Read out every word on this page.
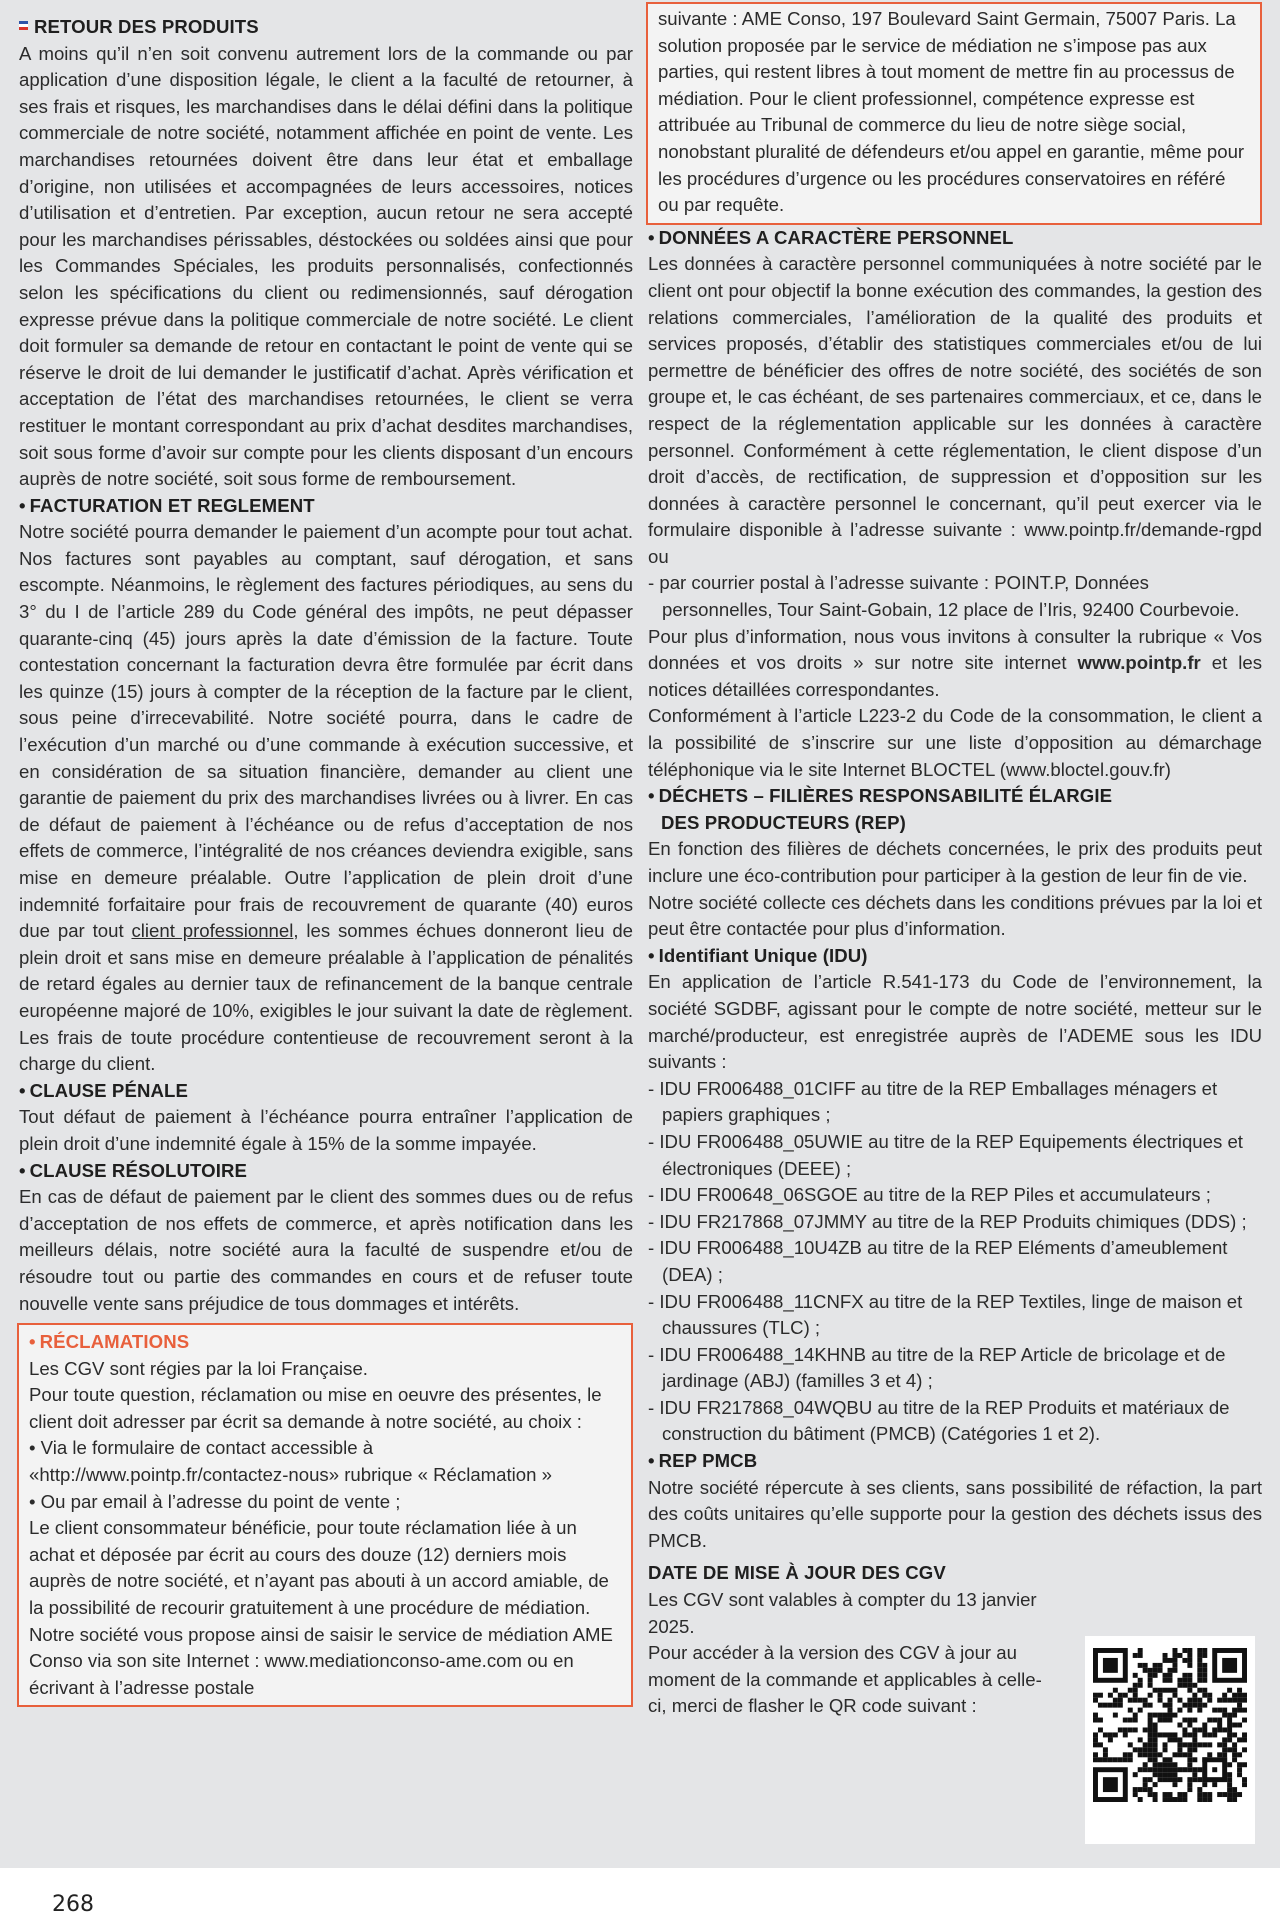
RETOUR DES PRODUITS

A moins qu’il n’en soit convenu autrement lors de la commande ou par application d’une disposition légale, le client a la faculté de retourner, à ses frais et risques, les marchandises dans le délai défini dans la politique commerciale de notre société, notamment affichée en point de vente. Les marchandises retournées doivent être dans leur état et emballage d’origine, non utilisées et accompagnées de leurs accessoires, notices d’utilisation et d’entretien. Par exception, aucun retour ne sera accepté pour les marchandises périssables, déstockées ou soldées ainsi que pour les Commandes Spéciales, les produits personnalisés, confectionnés selon les spécifications du client ou redimensionnés, sauf dérogation expresse prévue dans la politique commerciale de notre société. Le client doit formuler sa demande de retour en contactant le point de vente qui se réserve le droit de lui demander le justificatif d’achat. Après vérification et acceptation de l’état des marchandises retournées, le client se verra restituer le montant correspondant au prix d’achat desdites marchandises, soit sous forme d’avoir sur compte pour les clients disposant d’un encours auprès de notre société, soit sous forme de remboursement.

• FACTURATION ET REGLEMENT

Notre société pourra demander le paiement d’un acompte pour tout achat. Nos factures sont payables au comptant, sauf dérogation, et sans escompte. Néanmoins, le règlement des factures périodiques, au sens du 3° du I de l’article 289 du Code général des impôts, ne peut dépasser quarante-cinq (45) jours après la date d’émission de la facture. Toute contestation concernant la facturation devra être formulée par écrit dans les quinze (15) jours à compter de la réception de la facture par le client, sous peine d’irrecevabilité. Notre société pourra, dans le cadre de l’exécution d’un marché ou d’une commande à exécution successive, et en considération de sa situation financière, demander au client une garantie de paiement du prix des marchandises livrées ou à livrer. En cas de défaut de paiement à l’échéance ou de refus d’acceptation de nos effets de commerce, l’intégralité de nos créances deviendra exigible, sans mise en demeure préalable. Outre l’application de plein droit d’une indemnité forfaitaire pour frais de recouvrement de quarante (40) euros due par tout client professionnel, les sommes échues donneront lieu de plein droit et sans mise en demeure préalable à l’application de pénalités de retard égales au dernier taux de refinancement de la banque centrale européenne majoré de 10%, exigibles le jour suivant la date de règlement. Les frais de toute procédure contentieuse de recouvrement seront à la charge du client.

• CLAUSE PÉNALE

Tout défaut de paiement à l’échéance pourra entraîner l’application de plein droit d’une indemnité égale à 15% de la somme impayée.

• CLAUSE RÉSOLUTOIRE

En cas de défaut de paiement par le client des sommes dues ou de refus d’acceptation de nos effets de commerce, et après notification dans les meilleurs délais, notre société aura la faculté de suspendre et/ou de résoudre tout ou partie des commandes en cours et de refuser toute nouvelle vente sans préjudice de tous dommages et intérêts.

• RÉCLAMATIONS

Les CGV sont régies par la loi Française.

Pour toute question, réclamation ou mise en oeuvre des présentes, le client doit adresser par écrit sa demande à notre société, au choix :

• Via le formulaire de contact accessible à «http://www.pointp.fr/contactez-nous» rubrique « Réclamation »

• Ou par email à l’adresse du point de vente ;

Le client consommateur bénéficie, pour toute réclamation liée à un achat et déposée par écrit au cours des douze (12) derniers mois auprès de notre société, et n’ayant pas abouti à un accord amiable, de la possibilité de recourir gratuitement à une procédure de médiation. Notre société vous propose ainsi de saisir le service de médiation AME Conso via son site Internet : www.mediationconso-ame.com ou en écrivant à l’adresse postale

suivante : AME Conso, 197 Boulevard Saint Germain, 75007 Paris. La solution proposée par le service de médiation ne s’impose pas aux parties, qui restent libres à tout moment de mettre fin au processus de médiation. Pour le client professionnel, compétence expresse est attribuée au Tribunal de commerce du lieu de notre siège social, nonobstant pluralité de défendeurs et/ou appel en garantie, même pour les procédures d’urgence ou les procédures conservatoires en référé ou par requête.

• DONNÉES A CARACTÈRE PERSONNEL

Les données à caractère personnel communiquées à notre société par le client ont pour objectif la bonne exécution des commandes, la gestion des relations commerciales, l’amélioration de la qualité des produits et services proposés, d’établir des statistiques commerciales et/ou de lui permettre de bénéficier des offres de notre société, des sociétés de son groupe et, le cas échéant, de ses partenaires commerciaux, et ce, dans le respect de la réglementation applicable sur les données à caractère personnel. Conformément à cette réglementation, le client dispose d’un droit d’accès, de rectification, de suppression et d’opposition sur les données à caractère personnel le concernant, qu’il peut exercer via le formulaire disponible à l’adresse suivante : www.pointp.fr/demande-rgpd ou

- par courrier postal à l’adresse suivante : POINT.P, Données personnelles, Tour Saint-Gobain, 12 place de l’Iris, 92400 Courbevoie.

Pour plus d’information, nous vous invitons à consulter la rubrique « Vos données et vos droits » sur notre site internet www.pointp.fr et les notices détaillées correspondantes.

Conformément à l’article L223-2 du Code de la consommation, le client a la possibilité de s’inscrire sur une liste d’opposition au démarchage téléphonique via le site Internet BLOCTEL (www.bloctel.gouv.fr)

• DÉCHETS – FILIÈRES RESPONSABILITÉ ÉLARGIE
DES PRODUCTEURS (REP)

En fonction des filières de déchets concernées, le prix des produits peut inclure une éco-contribution pour participer à la gestion de leur fin de vie.

Notre société collecte ces déchets dans les conditions prévues par la loi et peut être contactée pour plus d’information.

• Identifiant Unique (IDU)

En application de l’article R.541-173 du Code de l’environnement, la société SGDBF, agissant pour le compte de notre société, metteur sur le marché/producteur, est enregistrée auprès de l’ADEME sous les IDU suivants :

- IDU FR006488_01CIFF au titre de la REP Emballages ménagers et papiers graphiques ;

- IDU FR006488_05UWIE au titre de la REP Equipements électriques et électroniques (DEEE) ;

- IDU FR00648_06SGOE au titre de la REP Piles et accumulateurs ;

- IDU FR217868_07JMMY au titre de la REP Produits chimiques (DDS) ;

- IDU FR006488_10U4ZB au titre de la REP Eléments d’ameublement (DEA) ;

- IDU FR006488_11CNFX au titre de la REP Textiles, linge de maison et chaussures (TLC) ;

- IDU FR006488_14KHNB au titre de la REP Article de bricolage et de jardinage (ABJ) (familles 3 et 4) ;

- IDU FR217868_04WQBU au titre de la REP Produits et matériaux de construction du bâtiment (PMCB) (Catégories 1 et 2).

• REP PMCB

Notre société répercute à ses clients, sans possibilité de réfaction, la part des coûts unitaires qu’elle supporte pour la gestion des déchets issus des PMCB.

DATE DE MISE À JOUR DES CGV

Les CGV sont valables à compter du 13 janvier 2025.

Pour accéder à la version des CGV à jour au moment de la commande et applicables à celle-ci, merci de flasher le QR code suivant :

268
